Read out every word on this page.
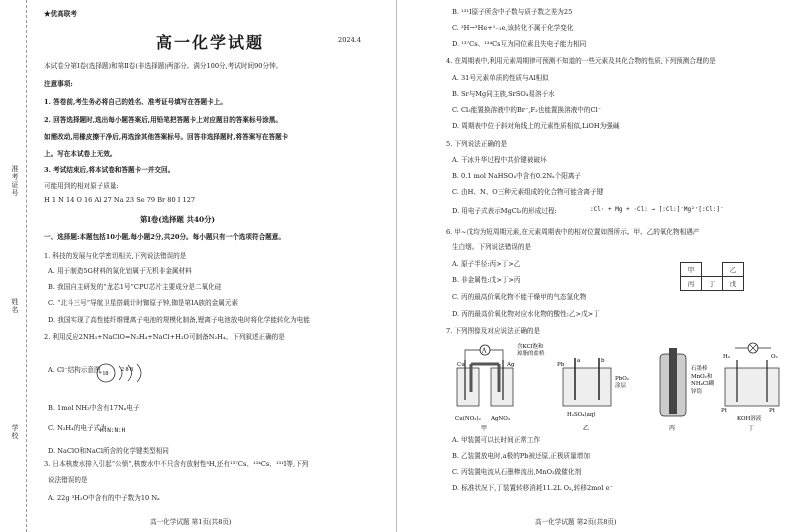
准考证号
姓名
学校
★优高联考
高一化学试题	2024.4
本试卷分第Ⅰ卷(选择题)和第Ⅱ卷(非选择题)两部分。满分100分,考试时间90分钟。
注意事项:
1. 答卷前,考生务必将自己的姓名、准考证号填写在答题卡上。
2. 回答选择题时,选出每小题答案后,用铅笔把答题卡上对应题目的答案标号涂黑。
如需改动,用橡皮擦干净后,再选涂其他答案标号。回答非选择题时,将答案写在答题卡
上。写在本试卷上无效。
3. 考试结束后,将本试卷和答题卡一并交回。
可能用到的相对原子质量:
H 1 N 14 O 16 Al 27 Na 23 Se 79 Br 80 I 127
第Ⅰ卷(选择题 共40分)
一、选择题:本题包括10小题,每小题2分,共20分。每小题只有一个选项符合题意。
1. 科技的发展与化学密切相关,下列说法错误的是
A. 用于制造5G材料的氮化铝属于无机非金属材料
B. 我国自主研发的“龙芯1号”CPU芯片主要成分是二氧化硅
C. “北斗三号”导航卫星搭载计时铷原子钟,铷是第ⅠA族的金属元素
D. 我国实现了高性能纤维锂离子电池的规模化制备,锂离子电池放电时将化学能转化为电能
2. 利用反应2NH₃+NaClO=N₂H₄+NaCl+H₂O可制备N₂H₄。下列叙述正确的是
A. Cl⁻结构示意图
B. 1mol NH₃中含有17Nₐ电子
C. N₂H₄的电子式为
D. NaClO和NaCl所含的化学键类型相同
3. 日本核废水排入引起“公愤”,核废水中不只含有放射性³H,还有¹³⁷Cs、¹³⁴Cs、¹³¹I等,下列
说法错误的是
A. 22g ³H₂O中含有的中子数为10 Nₐ
+18
2 8 8
H:N:N:H
高一化学试题 第1页(共8页)
B. ¹³¹I原子所含中子数与质子数之差为25
C. ³H→³He+¹₋₁e,该转化不属于化学变化
D. ¹³⁷Cs、¹³⁴Cs互为同位素且失电子能力相同
4. 在周期表中,利用元素周期律可预测不知道的一些元素及其化合物的性质,下列预测合理的是
A. 31号元素单质的性质与Al相似
B. Sr与Mg同主族,SrSO₄易溶于水
C. Cl₂能置换溶液中的Br⁻,F₂也能置换溶液中的Cl⁻
D. 周期表中位于斜对角线上的元素性质相似,LiOH为强碱
5. 下列说法正确的是
A. 干冰升华过程中共价键被破坏
B. 0.1 mol NaHSO₄中含有0.2Nₐ个阳离子
C. 由H、N、O三种元素组成的化合物可能含离子键
D. 用电子式表示MgCl₂的形成过程:
6. 甲~戊均为短周期元素,在元素周期表中的相对位置如图所示。甲、乙的氧化物相遇产
生白烟。下列说法错误的是
A. 原子半径:丙>丁>乙
B. 非金属性:戊>丁>丙
C. 丙的最高价氧化物不能干燥甲的气态氢化物
D. 丙的最高价氧化物对应水化物的酸性:乙>戊>丁
7. 下列图像及对应说法正确的是
A. 甲装置可以长时间正常工作
B. 乙装置放电时,a极的Pb被还原,正极质量增加
C. 丙装置电流从石墨棒流出,MnO₂做催化剂
D. 标准状况下,丁装置转移消耗11.2L O₂,转移2mol e⁻
:Cl· + Mg + ·Cl: → [:Cl:]⁻Mg²⁺[:Cl:]⁻
甲		乙
丙	丁	戊
A
Cu(NO₃)₂ AgNO₃
含KCl饱和
琼脂的盐桥
Cu	Ag	Pb
a	b
PbO₂
涂层
H₂SO₄(aq)
石墨棒
MnO₂和
NH₄Cl糊
锌筒
H₂	O₂
Pt	Pt
KOH溶液
甲	乙	丙	丁
高一化学试题 第2页(共8页)
